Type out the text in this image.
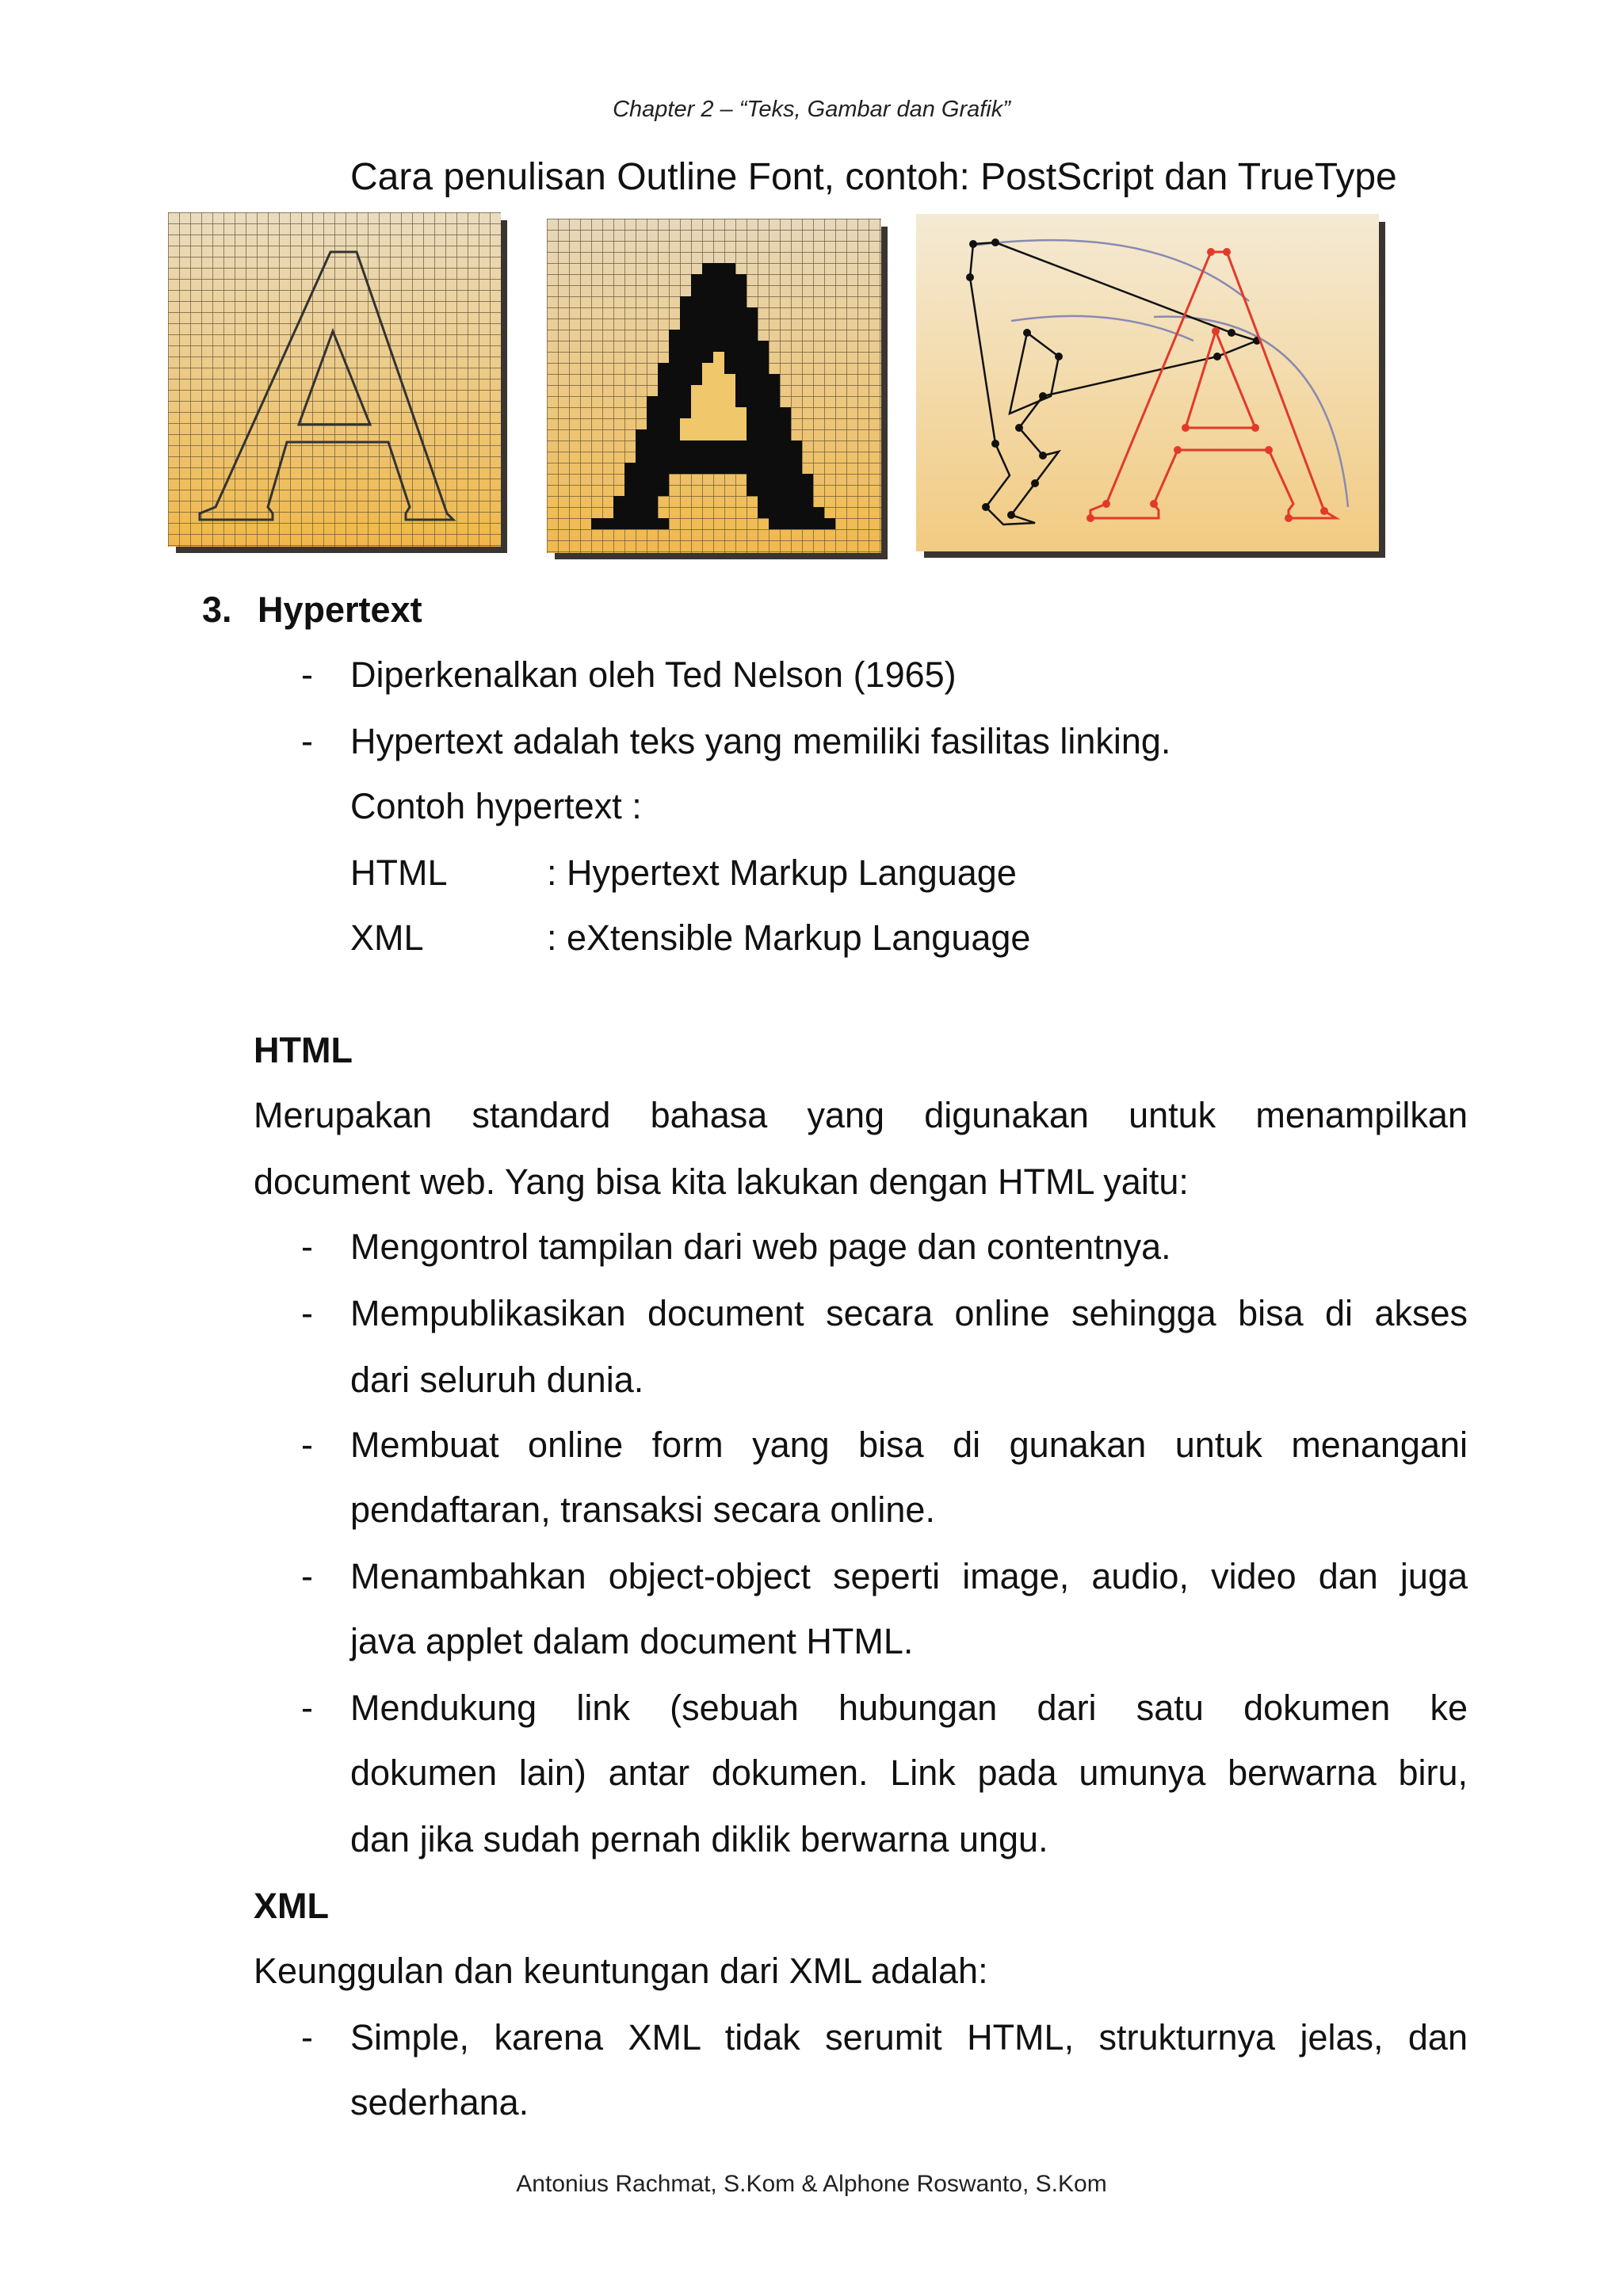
Chapter 2 – “Teks, Gambar dan Grafik”

Cara penulisan Outline Font, contoh: PostScript dan TrueType

3. Hypertext

- Diperkenalkan oleh Ted Nelson (1965)
- Hypertext adalah teks yang memiliki fasilitas linking.
Contoh hypertext :
HTML	: Hypertext Markup Language
XML	: eXtensible Markup Language
HTML
Merupakan standard bahasa yang digunakan untuk menampilkan
document web. Yang bisa kita lakukan dengan HTML yaitu:
- Mengontrol tampilan dari web page dan contentnya.
- Mempublikasikan document secara online sehingga bisa di akses
dari seluruh dunia.
- Membuat online form yang bisa di gunakan untuk menangani
pendaftaran, transaksi secara online.
- Menambahkan object-object seperti image, audio, video dan juga
java applet dalam document HTML.
- Mendukung link (sebuah hubungan dari satu dokumen ke
dokumen lain) antar dokumen. Link pada umunya berwarna biru,
dan jika sudah pernah diklik berwarna ungu.
XML
Keunggulan dan keuntungan dari XML adalah:
- Simple, karena XML tidak serumit HTML, strukturnya jelas, dan
sederhana.

Antonius Rachmat, S.Kom & Alphone Roswanto, S.Kom
